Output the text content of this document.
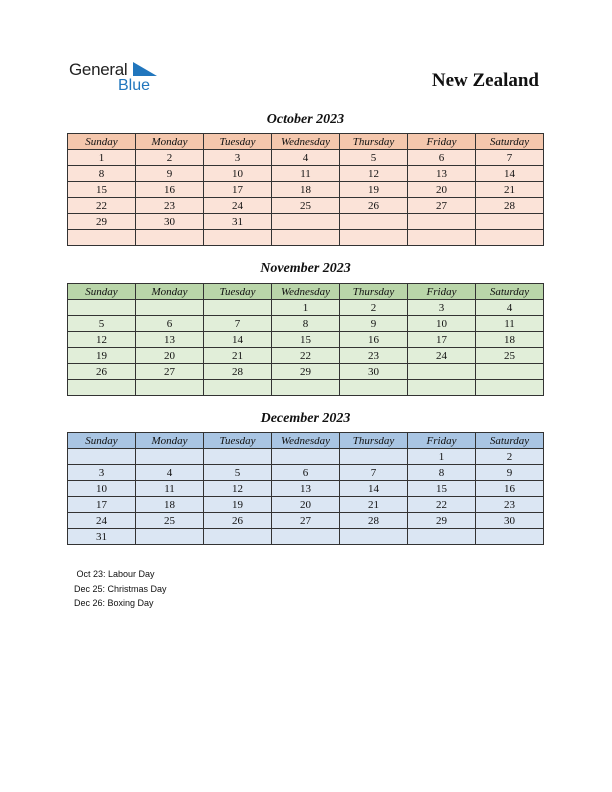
General
Blue	New Zealand
October 2023
Sunday	Monday	Tuesday	Wednesday	Thursday	Friday	Saturday
1	2	3	4	5	6	7
8	9	10	11	12	13	14
15	16	17	18	19	20	21
22	23	24	25	26	27	28
29	30	31				

November 2023
Sunday	Monday	Tuesday	Wednesday	Thursday	Friday	Saturday
			1	2	3	4
5	6	7	8	9	10	11
12	13	14	15	16	17	18
19	20	21	22	23	24	25
26	27	28	29	30		

December 2023
Sunday	Monday	Tuesday	Wednesday	Thursday	Friday	Saturday
					1	2
3	4	5	6	7	8	9
10	11	12	13	14	15	16
17	18	19	20	21	22	23
24	25	26	27	28	29	30
31						
Oct 23: Labour Day
Dec 25: Christmas Day
Dec 26: Boxing Day
